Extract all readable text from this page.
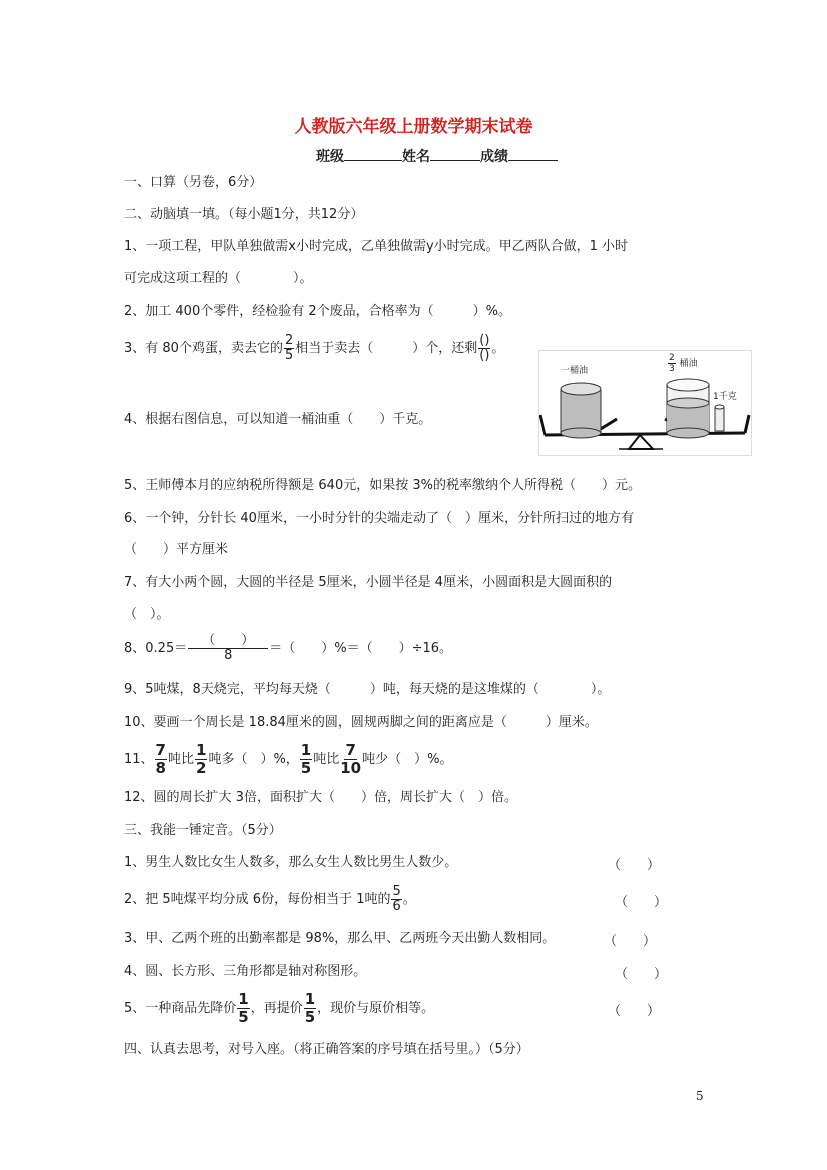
人教版六年级上册数学期末试卷
班级	姓名	成绩
一、口算（另卷，6分）
二、动脑填一填。（每小题1分，共12分）
1、一项工程，甲队单独做需x小时完成，乙单独做需y小时完成。甲乙两队合做，1 小时
可完成这项工程的（　　　　）。
2、加工 400个零件，经检验有 2个废品，合格率为（　　　）%。
3、有 80个鸡蛋，卖去它的 $\frac{2}{5}$ 相当于卖去（　　　）个，还剩 $\frac{()}{()}$ 。
4、根据右图信息，可以知道一桶油重（　　）千克。
一桶油	$\frac{2}{3}$ 桶油
1千克
5、王师傅本月的应纳税所得额是 640元，如果按 3%的税率缴纳个人所得税（　　）元。
6、一个钟，分针长 40厘米，一小时分针的尖端走动了（　）厘米，分针所扫过的地方有
（　　）平方厘米
7、有大小两个圆，大圆的半径是 5厘米，小圆半径是 4厘米，小圆面积是大圆面积的
（　）。
8、$0.25= \frac{( )}{8}$ ＝（　　）%＝（　　）÷16。
9、5吨煤，8天烧完，平均每天烧（　　　）吨，每天烧的是这堆煤的（　　　　）。
10、要画一个周长是 18.84厘米的圆，圆规两脚之间的距离应是（　　　）厘米。
11、 $\frac{7}{8}$ 吨比 $\frac{1}{2}$ 吨多（　）%， $\frac{1}{5}$ 吨比 $\frac{7}{10}$ 吨少（　）%。
12、圆的周长扩大 3倍，面积扩大（　　）倍，周长扩大（　）倍。
三、我能一锤定音。（5分）
1、男生人数比女生人数多，那么女生人数比男生人数少。	（　　）
2、把 5吨煤平均分成 6份，每份相当于 1吨的 $\frac{5}{6}$ 。	（　　）
3、甲、乙两个班的出勤率都是 98%，那么甲、乙两班今天出勤人数相同。	（　　）
4、圆、长方形、三角形都是轴对称图形。	（　　）
5、一种商品先降价 $\frac{1}{5}$ ，再提价 $\frac{1}{5}$ ，现价与原价相等。	（　　）
四、认真去思考，对号入座。（将正确答案的序号填在括号里。）（5分）
5
